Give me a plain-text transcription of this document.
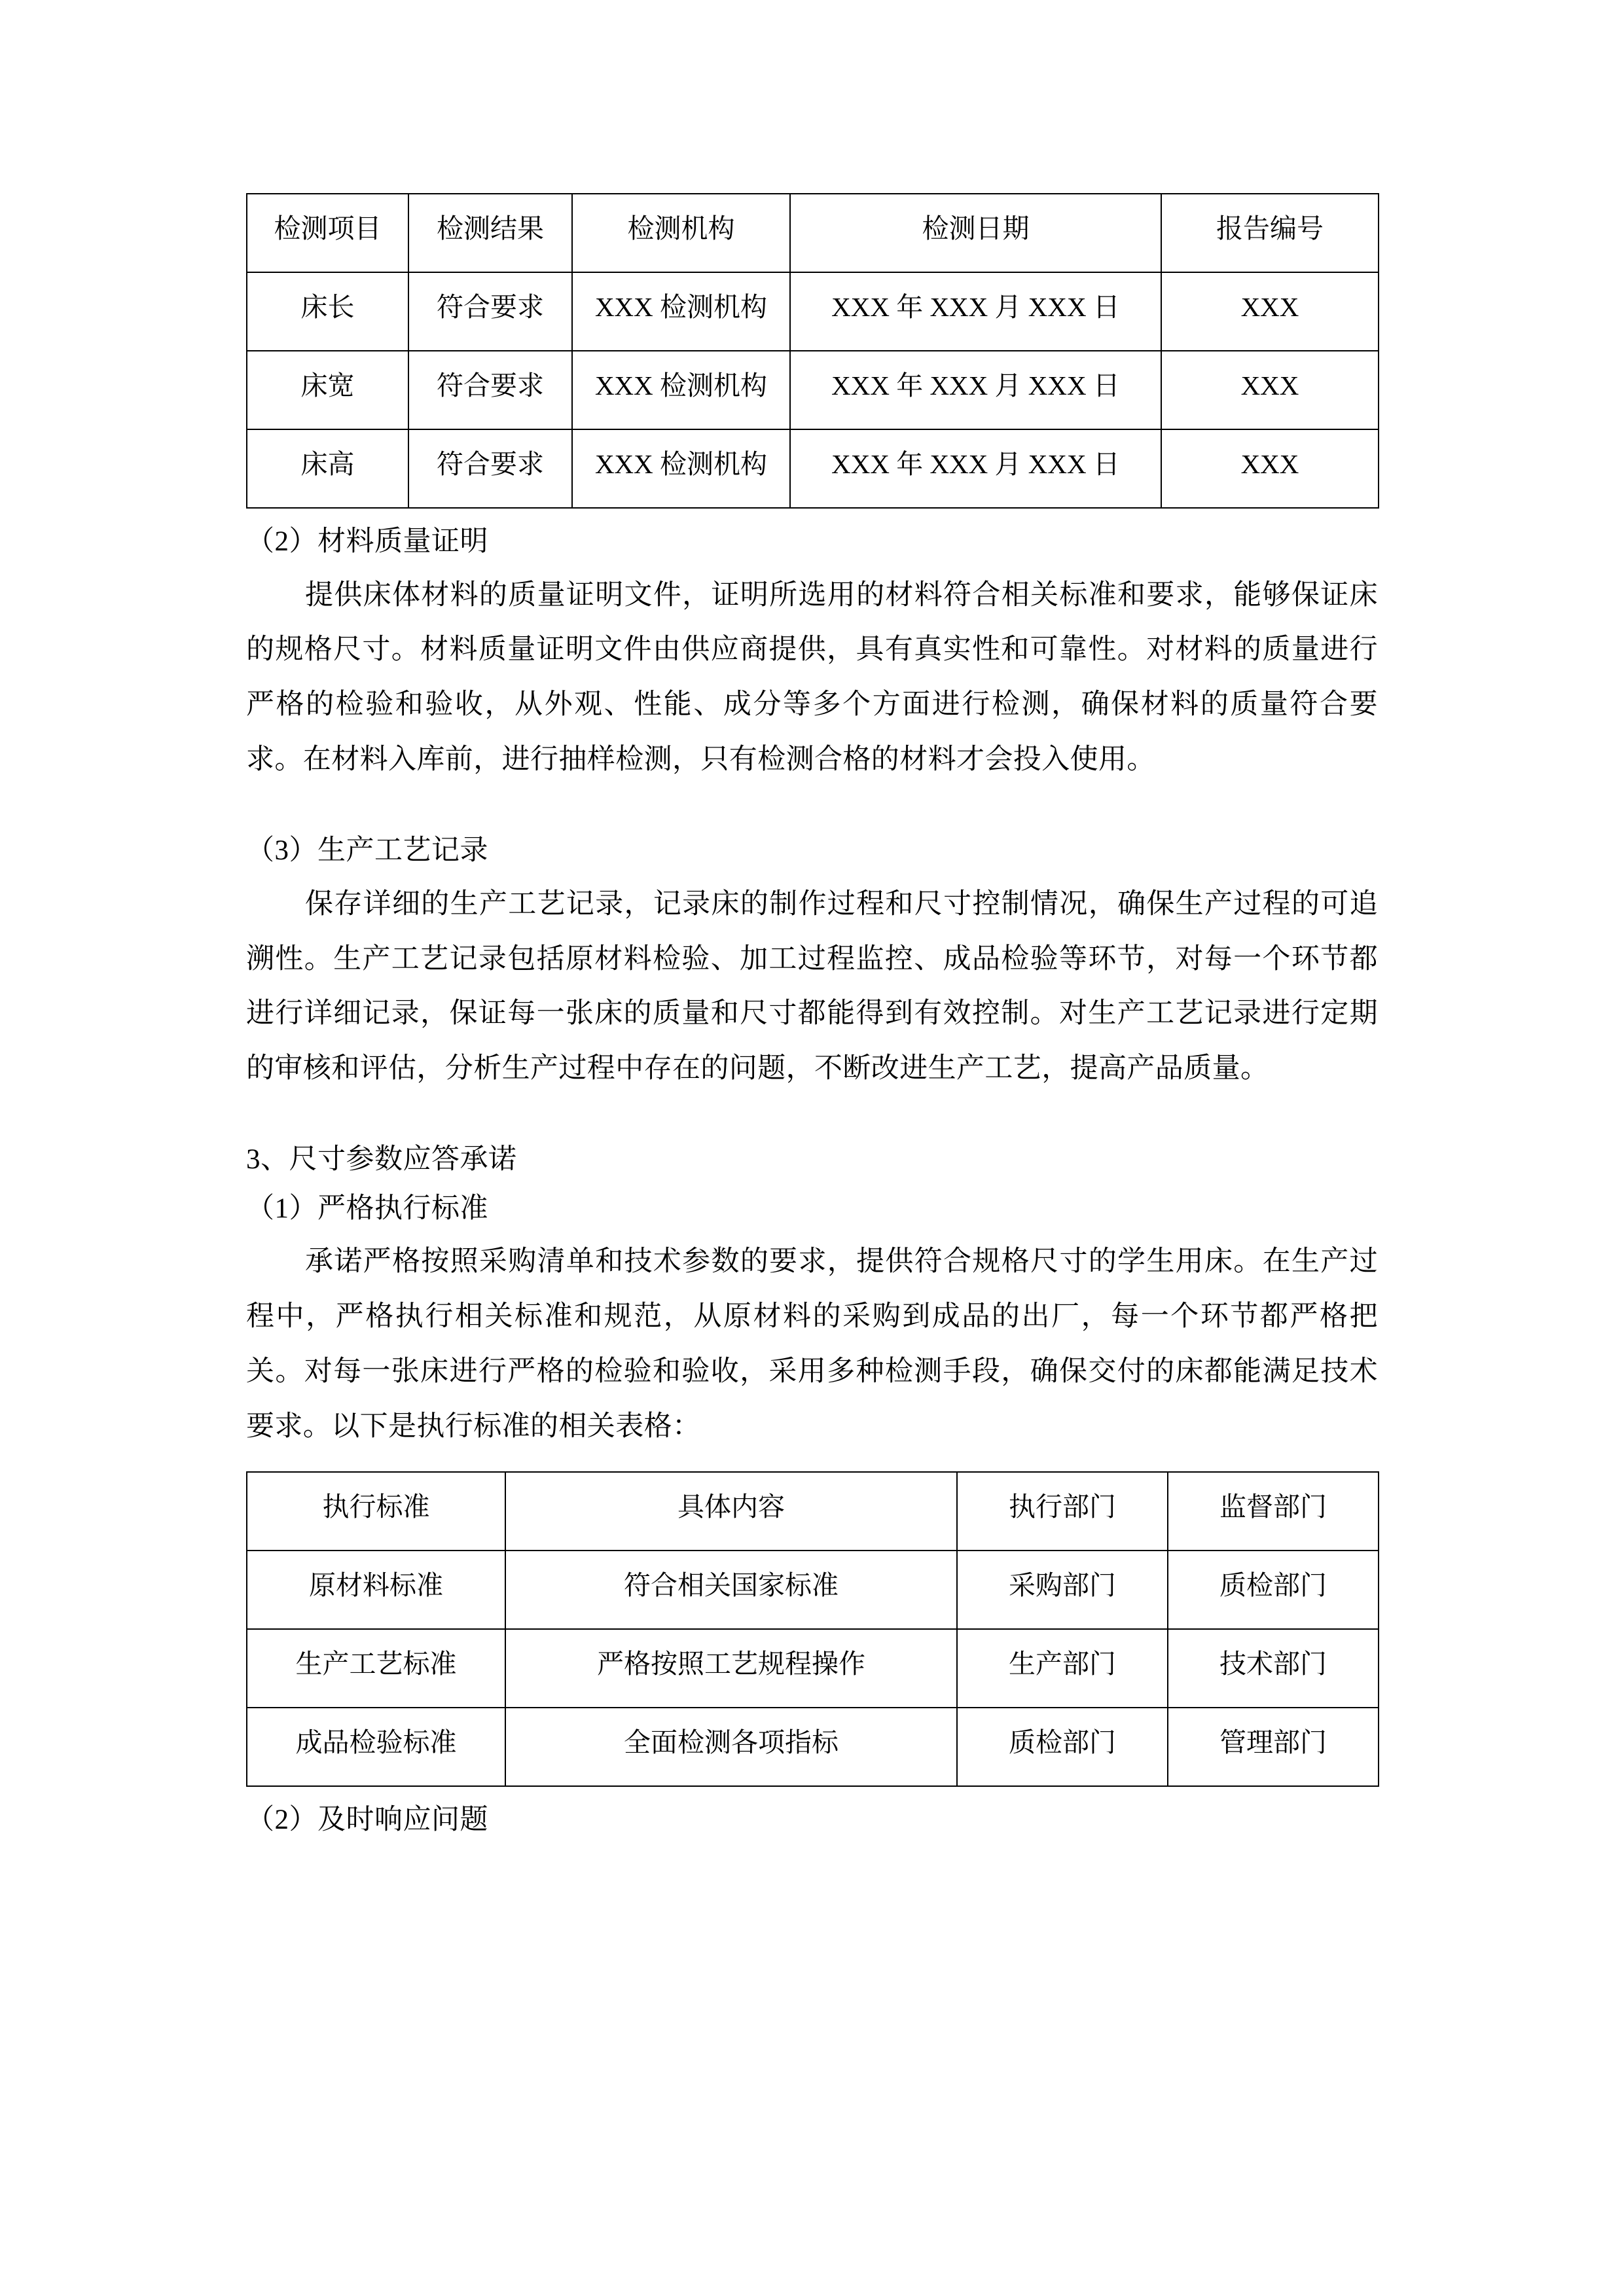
检测项目	检测结果	检测机构	检测日期	报告编号
床长	符合要求	XXX 检测机构	XXX 年 XXX 月 XXX 日	XXX
床宽	符合要求	XXX 检测机构	XXX 年 XXX 月 XXX 日	XXX
床高	符合要求	XXX 检测机构	XXX 年 XXX 月 XXX 日	XXX
（2）材料质量证明

提供床体材料的质量证明文件，证明所选用的材料符合相关标准和要求，能够保证床的规格尺寸。材料质量证明文件由供应商提供，具有真实性和可靠性。对材料的质量进行严格的检验和验收，从外观、性能、成分等多个方面进行检测，确保材料的质量符合要求。在材料入库前，进行抽样检测，只有检测合格的材料才会投入使用。

（3）生产工艺记录

保存详细的生产工艺记录，记录床的制作过程和尺寸控制情况，确保生产过程的可追溯性。生产工艺记录包括原材料检验、加工过程监控、成品检验等环节，对每一个环节都进行详细记录，保证每一张床的质量和尺寸都能得到有效控制。对生产工艺记录进行定期的审核和评估，分析生产过程中存在的问题，不断改进生产工艺，提高产品质量。

3、尺寸参数应答承诺
（1）严格执行标准

承诺严格按照采购清单和技术参数的要求，提供符合规格尺寸的学生用床。在生产过程中，严格执行相关标准和规范，从原材料的采购到成品的出厂，每一个环节都严格把关。对每一张床进行严格的检验和验收，采用多种检测手段，确保交付的床都能满足技术要求。以下是执行标准的相关表格：

执行标准	具体内容	执行部门	监督部门
原材料标准	符合相关国家标准	采购部门	质检部门
生产工艺标准	严格按照工艺规程操作	生产部门	技术部门
成品检验标准	全面检测各项指标	质检部门	管理部门
（2）及时响应问题
